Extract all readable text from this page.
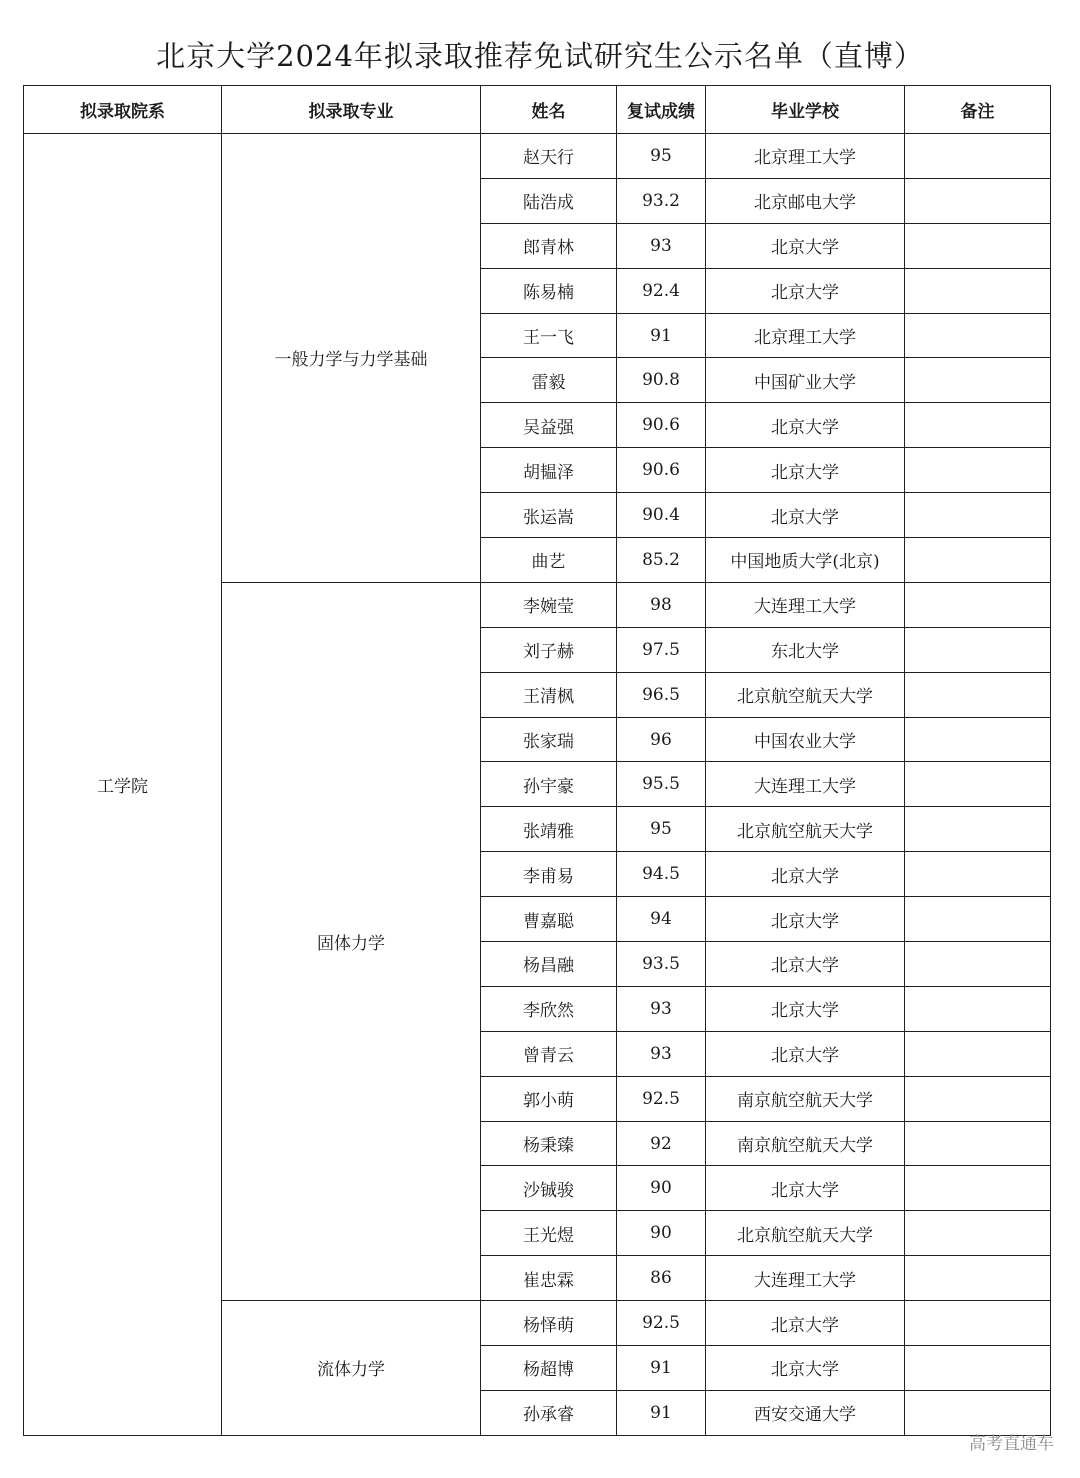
北京大学2024年拟录取推荐免试研究生公示名单（直博）
拟录取院系	拟录取专业	姓名	复试成绩	毕业学校	备注
工学院	一般力学与力学基础	赵天行	95	北京理工大学	
		陆浩成	93.2	北京邮电大学	
		郎青林	93	北京大学	
		陈易楠	92.4	北京大学	
		王一飞	91	北京理工大学	
		雷毅	90.8	中国矿业大学	
		吴益强	90.6	北京大学	
		胡韫泽	90.6	北京大学	
		张运嵩	90.4	北京大学	
		曲艺	85.2	中国地质大学(北京)	
	固体力学	李婉莹	98	大连理工大学	
		刘子赫	97.5	东北大学	
		王清枫	96.5	北京航空航天大学	
		张家瑞	96	中国农业大学	
		孙宇豪	95.5	大连理工大学	
		张靖雅	95	北京航空航天大学	
		李甫易	94.5	北京大学	
		曹嘉聪	94	北京大学	
		杨昌融	93.5	北京大学	
		李欣然	93	北京大学	
		曾青云	93	北京大学	
		郭小萌	92.5	南京航空航天大学	
		杨秉臻	92	南京航空航天大学	
		沙铖骏	90	北京大学	
		王光煜	90	北京航空航天大学	
		崔忠霖	86	大连理工大学	
	流体力学	杨怿萌	92.5	北京大学	
		杨超博	91	北京大学	
		孙承睿	91	西安交通大学	
高考直通车
